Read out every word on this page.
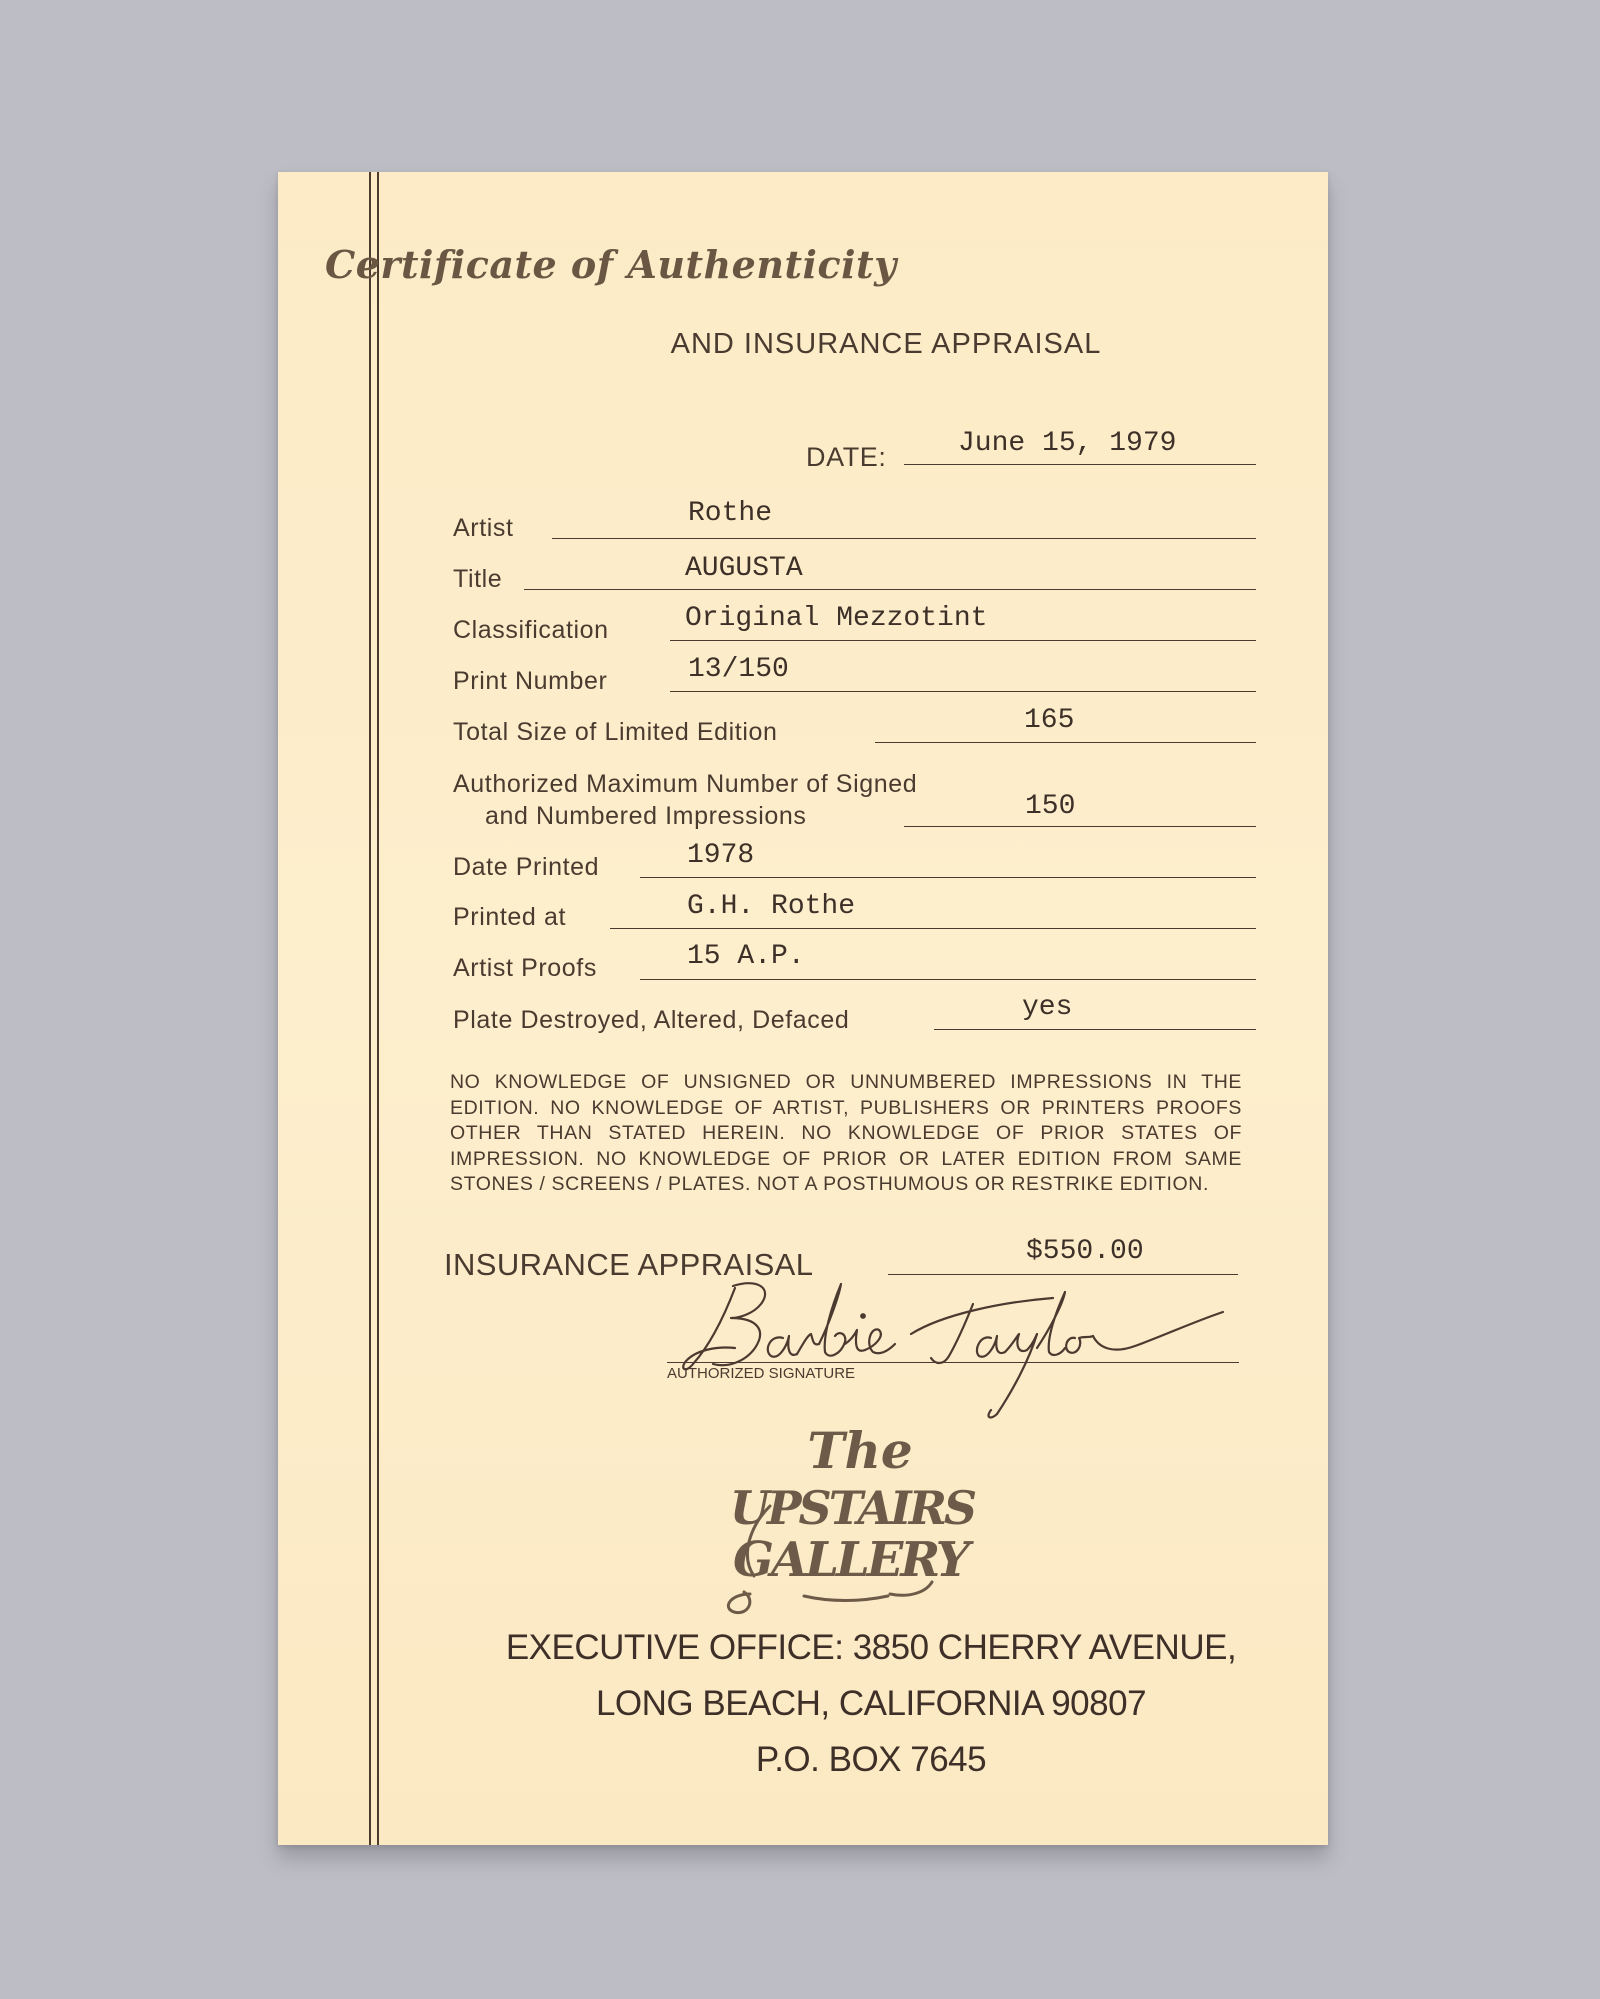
Certificate of Authenticity
AND INSURANCE APPRAISAL
DATE:	June 15, 1979
Artist	Rothe
Title	AUGUSTA
Classification	Original Mezzotint
Print Number	13/150
Total Size of Limited Edition	165
Authorized Maximum Number of Signed
and Numbered Impressions	150
Date Printed	1978
Printed at	G.H. Rothe
Artist Proofs	15 A.P.
Plate Destroyed, Altered, Defaced	yes

NO KNOWLEDGE OF UNSIGNED OR UNNUMBERED IMPRESSIONS IN THE EDITION. NO KNOWLEDGE OF ARTIST, PUBLISHERS OR PRINTERS PROOFS OTHER THAN STATED HEREIN. NO KNOWLEDGE OF PRIOR STATES OF IMPRESSION. NO KNOWLEDGE OF PRIOR OR LATER EDITION FROM SAME STONES / SCREENS / PLATES. NOT A POSTHUMOUS OR RESTRIKE EDITION.

INSURANCE APPRAISAL	$550.00
AUTHORIZED SIGNATURE
The
UPSTAIRS
GALLERY
EXECUTIVE OFFICE: 3850 CHERRY AVENUE,
LONG BEACH, CALIFORNIA 90807
P.O. BOX 7645
